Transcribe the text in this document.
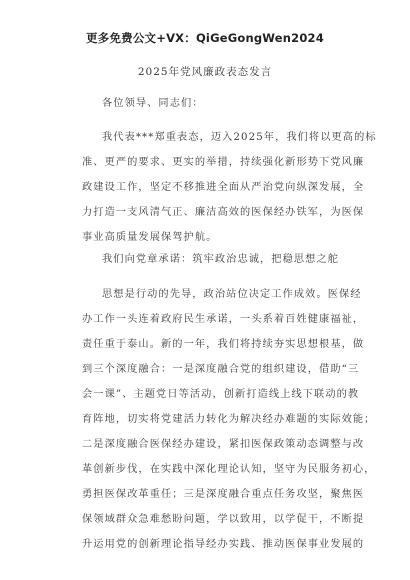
更多免费公文+VX：QiGeGongWen2024
2025年党风廉政表态发言
各位领导、同志们：
我代表***郑重表态，迈入2025年，我们将以更高的标
准、更严的要求、更实的举措，持续强化新形势下党风廉
政建设工作，坚定不移推进全面从严治党向纵深发展，全
力打造一支风清气正、廉洁高效的医保经办铁军，为医保
事业高质量发展保驾护航。
我们向党章承诺：筑牢政治忠诚，把稳思想之舵
思想是行动的先导，政治站位决定工作成效。医保经
办工作一头连着政府民生承诺，一头系着百姓健康福祉，
责任重于泰山。新的一年，我们将持续夯实思想根基，做
到三个深度融合：一是深度融合党的组织建设，借助“三
会一课”、主题党日等活动，创新打造线上线下联动的教
育阵地，切实将党建活力转化为解决经办难题的实际效能；
二是深度融合医保经办建设，紧扣医保政策动态调整与改
革创新步伐，在实践中深化理论认知，坚守为民服务初心，
勇担医保改革重任；三是深度融合重点任务攻坚，聚焦医
保领域群众急难愁盼问题，学以致用，以学促干，不断提
升运用党的创新理论指导经办实践、推动医保事业发展的
